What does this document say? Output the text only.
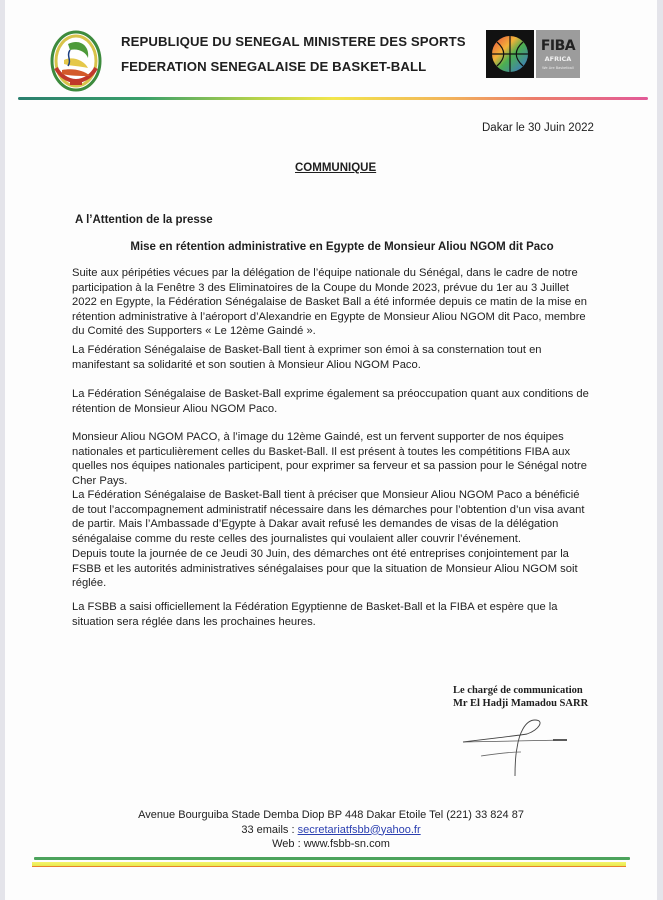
REPUBLIQUE DU SENEGAL MINISTERE DES SPORTS
FEDERATION SENEGALAISE DE BASKET-BALL
FIBA
AFRICA
We Are Basketball
Dakar le 30 Juin 2022
COMMUNIQUE
A l’Attention de la presse
Mise en rétention administrative en Egypte de Monsieur Aliou NGOM dit Paco
Suite aux péripéties vécues par la délégation de l’équipe nationale du Sénégal, dans le cadre de notre
participation à la Fenêtre 3 des Eliminatoires de la Coupe du Monde 2023, prévue du 1er au 3 Juillet
2022 en Egypte, la Fédération Sénégalaise de Basket Ball a été informée depuis ce matin de la mise en
rétention administrative à l’aéroport d’Alexandrie en Egypte de Monsieur Aliou NGOM dit Paco, membre
du Comité des Supporters « Le 12ème Gaindé ».
La Fédération Sénégalaise de Basket-Ball tient à exprimer son émoi à sa consternation tout en
manifestant sa solidarité et son soutien à Monsieur Aliou NGOM Paco.
La Fédération Sénégalaise de Basket-Ball exprime également sa préoccupation quant aux conditions de
rétention de Monsieur Aliou NGOM Paco.
Monsieur Aliou NGOM PACO, à l’image du 12ème Gaindé, est un fervent supporter de nos équipes
nationales et particulièrement celles du Basket-Ball. Il est présent à toutes les compétitions FIBA aux
quelles nos équipes nationales participent, pour exprimer sa ferveur et sa passion pour le Sénégal notre
Cher Pays.
La Fédération Sénégalaise de Basket-Ball tient à préciser que Monsieur Aliou NGOM Paco a bénéficié
de tout l’accompagnement administratif nécessaire dans les démarches pour l’obtention d’un visa avant
de partir. Mais l’Ambassade d’Egypte à Dakar avait refusé les demandes de visas de la délégation
sénégalaise comme du reste celles des journalistes qui voulaient aller couvrir l’événement.
Depuis toute la journée de ce Jeudi 30 Juin, des démarches ont été entreprises conjointement par la
FSBB et les autorités administratives sénégalaises pour que la situation de Monsieur Aliou NGOM soit
réglée.
La FSBB a saisi officiellement la Fédération Egyptienne de Basket-Ball et la FIBA et espère que la
situation sera réglée dans les prochaines heures.
Le chargé de communication
Mr El Hadji Mamadou SARR
Avenue Bourguiba Stade Demba Diop BP 448 Dakar Etoile Tel (221) 33 824 87
33 emails : secretariatfsbb@yahoo.fr
Web : www.fsbb-sn.com
